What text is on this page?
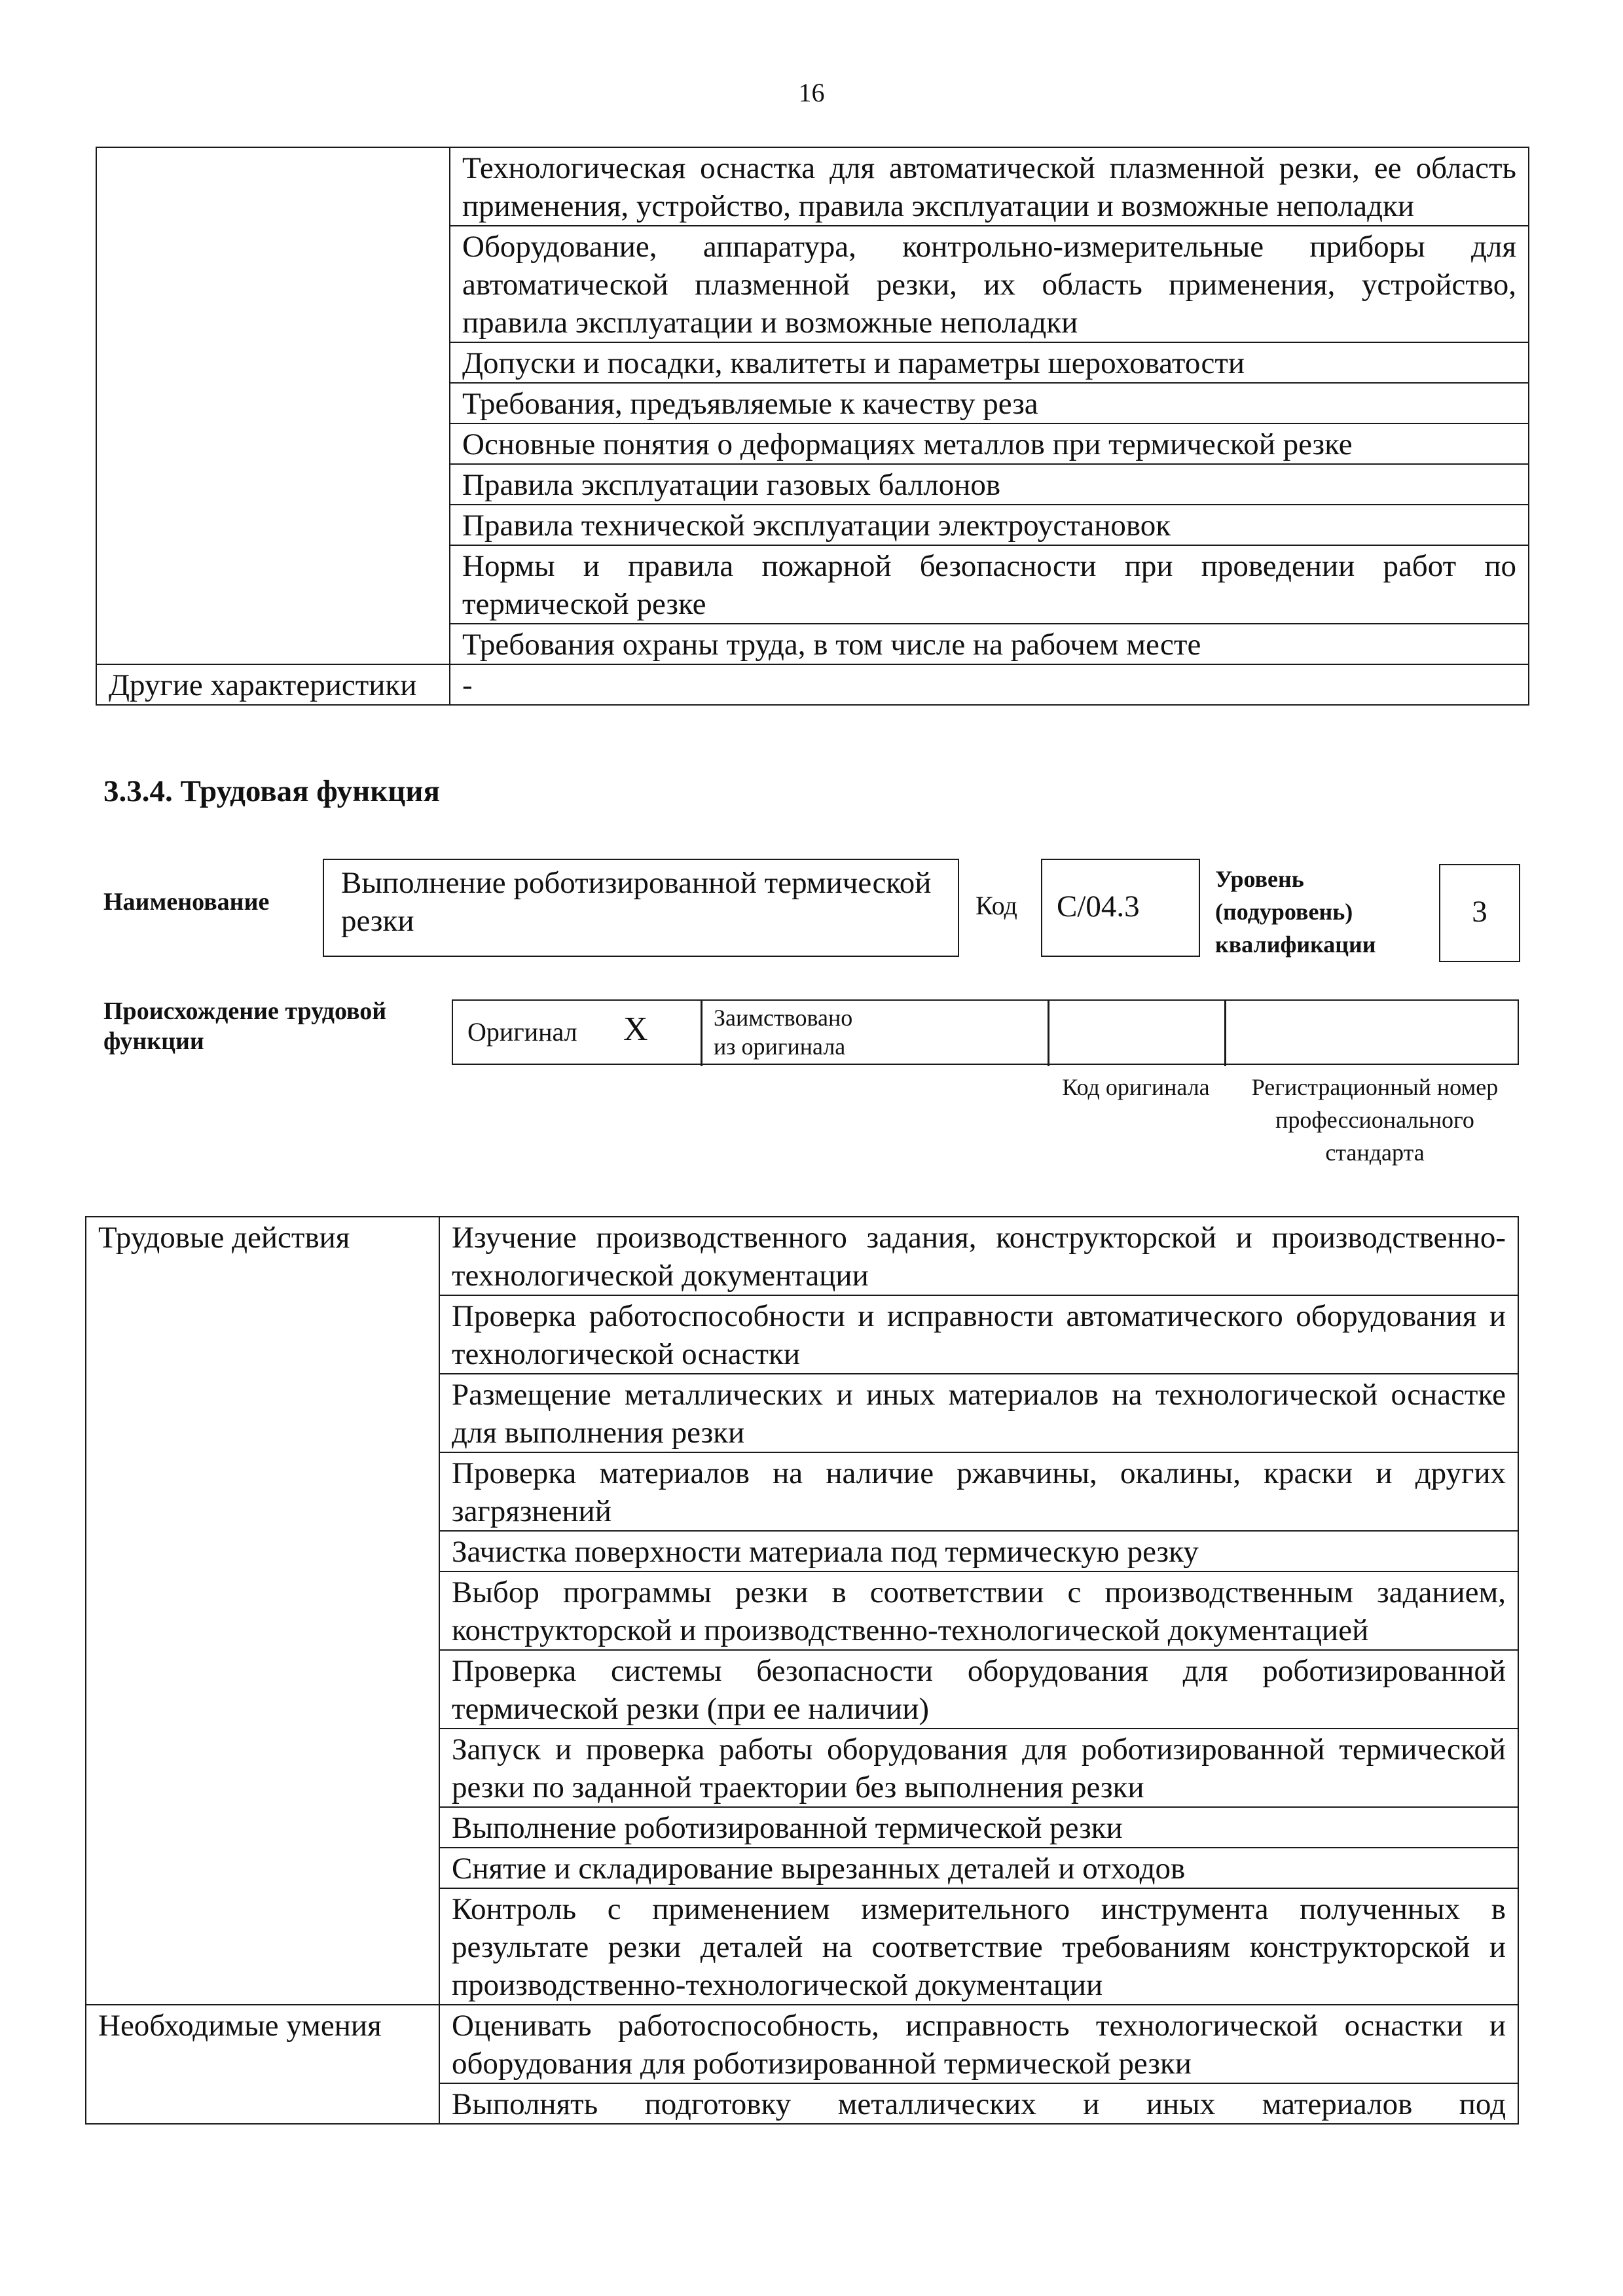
16
	Технологическая оснастка для автоматической плазменной резки, ее область применения, устройство, правила эксплуатации и возможные неполадки
	Оборудование, аппаратура, контрольно-измерительные приборы для автоматической плазменной резки, их область применения, устройство, правила эксплуатации и возможные неполадки
	Допуски и посадки, квалитеты и параметры шероховатости
	Требования, предъявляемые к качеству реза
	Основные понятия о деформациях металлов при термической резке
	Правила эксплуатации газовых баллонов
	Правила технической эксплуатации электроустановок
	Нормы и правила пожарной безопасности при проведении работ по термической резке
	Требования охраны труда, в том числе на рабочем месте
Другие характеристики	-
3.3.4. Трудовая функция
Наименование
Выполнение роботизированной термической резки	Код	C/04.3
Уровень (подуровень) квалификации
3
Происхождение трудовой функции	Оригинал X	Заимствовано из оригинала
Код оригинала	Регистрационный номер профессионального стандарта
Трудовые действия	Изучение производственного задания, конструкторской и производственно-технологической документации
	Проверка работоспособности и исправности автоматического оборудования и технологической оснастки
	Размещение металлических и иных материалов на технологической оснастке для выполнения резки
	Проверка материалов на наличие ржавчины, окалины, краски и других загрязнений
	Зачистка поверхности материала под термическую резку
	Выбор программы резки в соответствии с производственным заданием, конструкторской и производственно-технологической документацией
	Проверка системы безопасности оборудования для роботизированной термической резки (при ее наличии)
	Запуск и проверка работы оборудования для роботизированной термической резки по заданной траектории без выполнения резки
	Выполнение роботизированной термической резки
	Снятие и складирование вырезанных деталей и отходов
	Контроль с применением измерительного инструмента полученных в результате резки деталей на соответствие требованиям конструкторской и производственно-технологической документации
Необходимые умения	Оценивать работоспособность, исправность технологической оснастки и оборудования для роботизированной термической резки
	Выполнять подготовку металлических и иных материалов под
